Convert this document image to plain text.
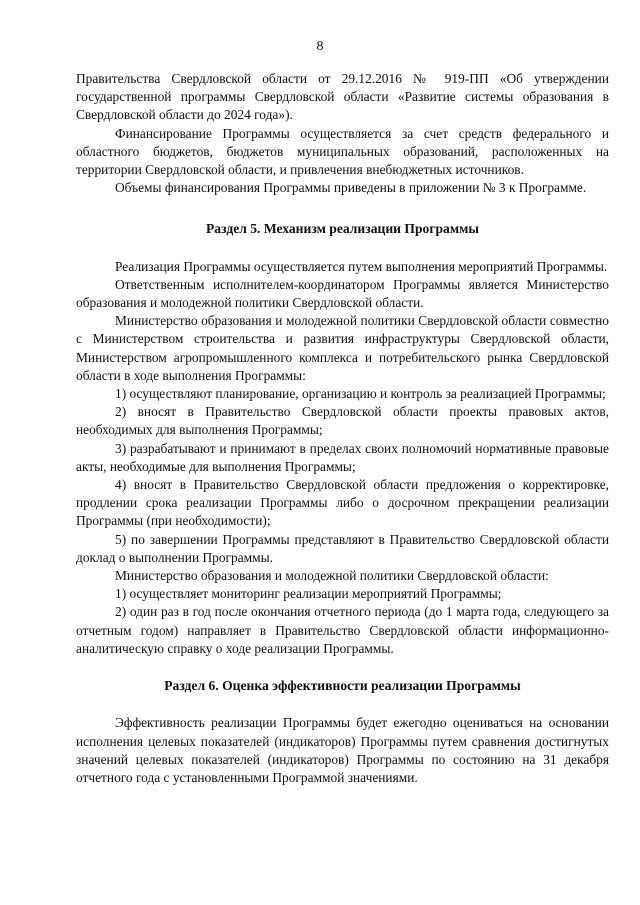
8

Правительства Свердловской области от 29.12.2016 № 919-ПП «Об утверждении государственной программы Свердловской области «Развитие системы образования в Свердловской области до 2024 года»).

Финансирование Программы осуществляется за счет средств федерального и областного бюджетов, бюджетов муниципальных образований, расположенных на территории Свердловской области, и привлечения внебюджетных источников.

Объемы финансирования Программы приведены в приложении № 3 к Программе.

Раздел 5. Механизм реализации Программы

Реализация Программы осуществляется путем выполнения мероприятий Программы.

Ответственным исполнителем-координатором Программы является Министерство образования и молодежной политики Свердловской области.

Министерство образования и молодежной политики Свердловской области совместно с Министерством строительства и развития инфраструктуры Свердловской области, Министерством агропромышленного комплекса и потребительского рынка Свердловской области в ходе выполнения Программы:

1) осуществляют планирование, организацию и контроль за реализацией Программы;

2) вносят в Правительство Свердловской области проекты правовых актов, необходимых для выполнения Программы;

3) разрабатывают и принимают в пределах своих полномочий нормативные правовые акты, необходимые для выполнения Программы;

4) вносят в Правительство Свердловской области предложения о корректировке, продлении срока реализации Программы либо о досрочном прекращении реализации Программы (при необходимости);

5) по завершении Программы представляют в Правительство Свердловской области доклад о выполнении Программы.

Министерство образования и молодежной политики Свердловской области:

1) осуществляет мониторинг реализации мероприятий Программы;

2) один раз в год после окончания отчетного периода (до 1 марта года, следующего за отчетным годом) направляет в Правительство Свердловской области информационно-аналитическую справку о ходе реализации Программы.

Раздел 6. Оценка эффективности реализации Программы

Эффективность реализации Программы будет ежегодно оцениваться на основании исполнения целевых показателей (индикаторов) Программы путем сравнения достигнутых значений целевых показателей (индикаторов) Программы по состоянию на 31 декабря отчетного года с установленными Программой значениями.
